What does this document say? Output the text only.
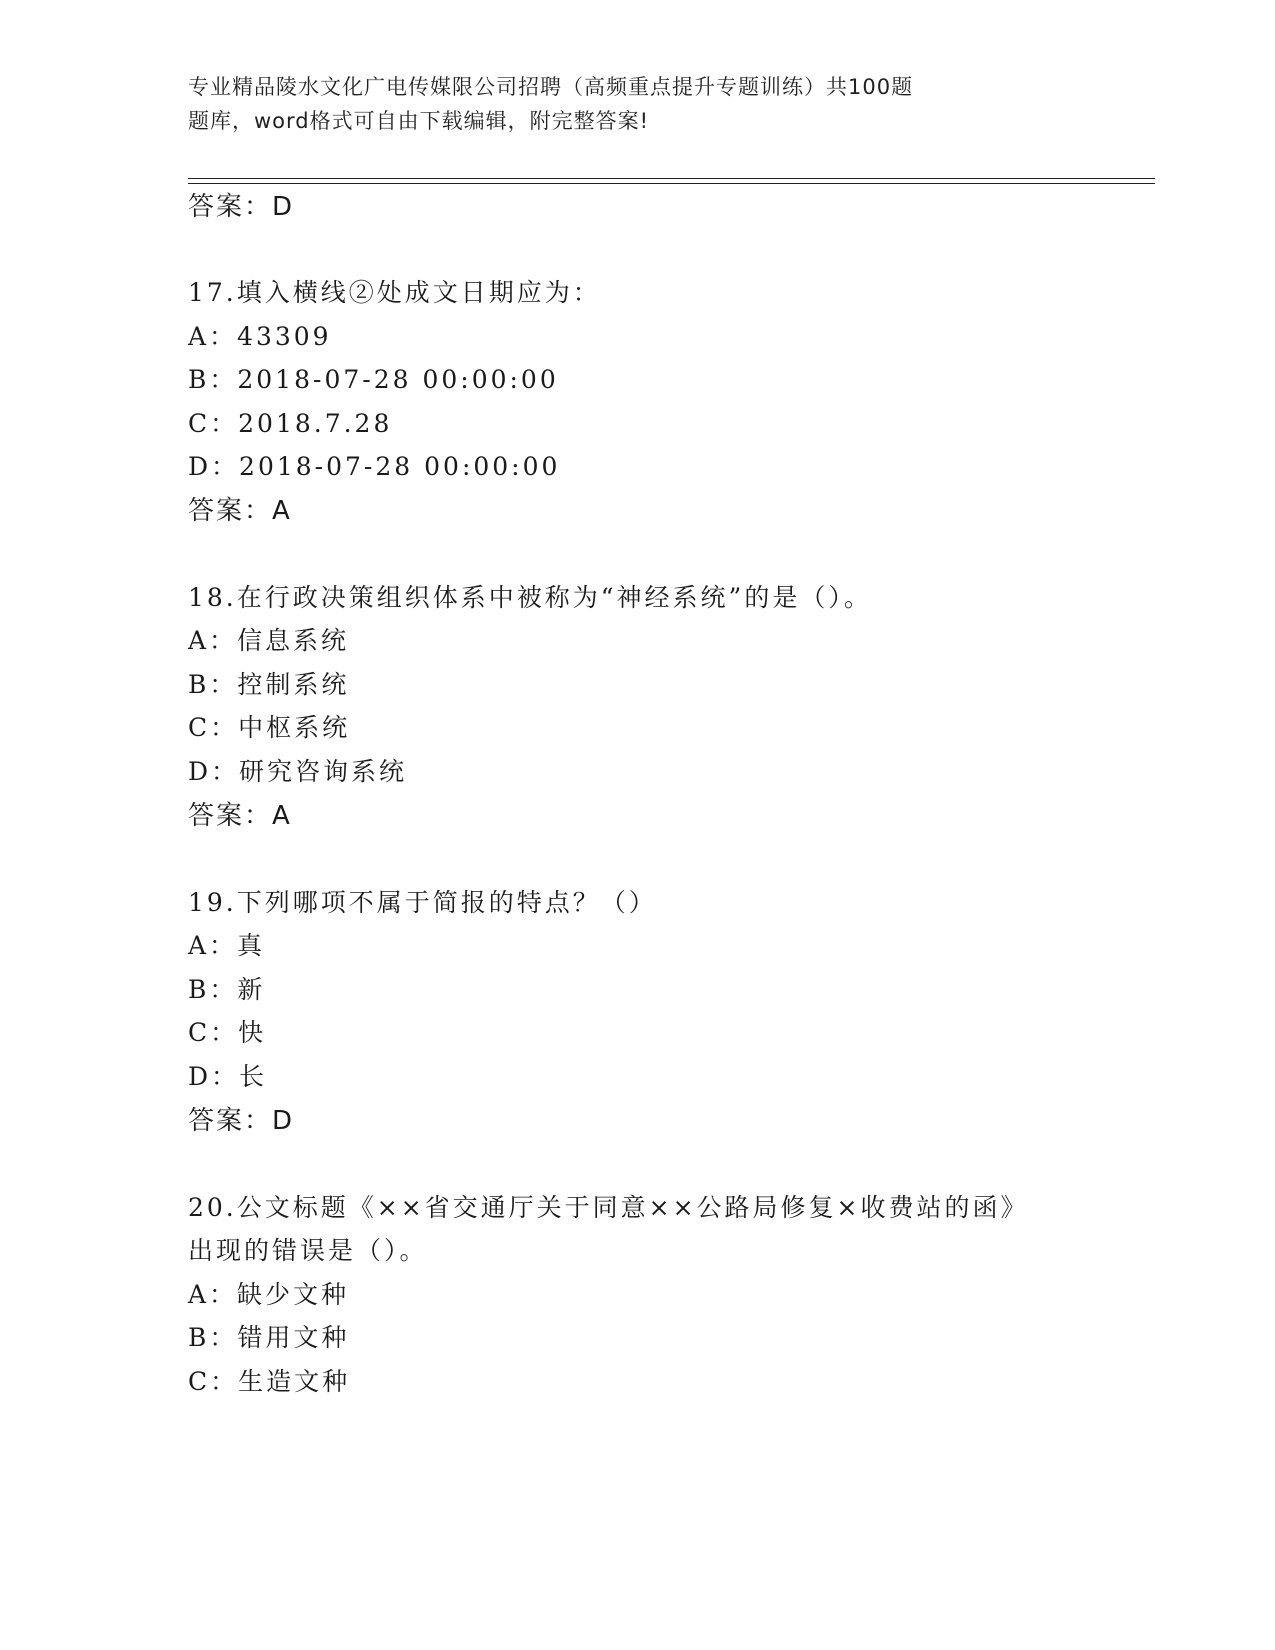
专业精品陵水文化广电传媒限公司招聘（高频重点提升专题训练）共100题
题库，word格式可自由下载编辑，附完整答案!
答案：D
17.填入横线②处成文日期应为：
A：43309
B：2018-07-28 00:00:00
C：2018.7.28
D：2018-07-28 00:00:00
答案：A
18.在行政决策组织体系中被称为“神经系统”的是（）。
A：信息系统
B：控制系统
C：中枢系统
D：研究咨询系统
答案：A
19.下列哪项不属于简报的特点？（）
A：真
B：新
C：快
D：长
答案：D
20.公文标题《××省交通厅关于同意××公路局修复×收费站的函》
出现的错误是（）。
A：缺少文种
B：错用文种
C：生造文种
